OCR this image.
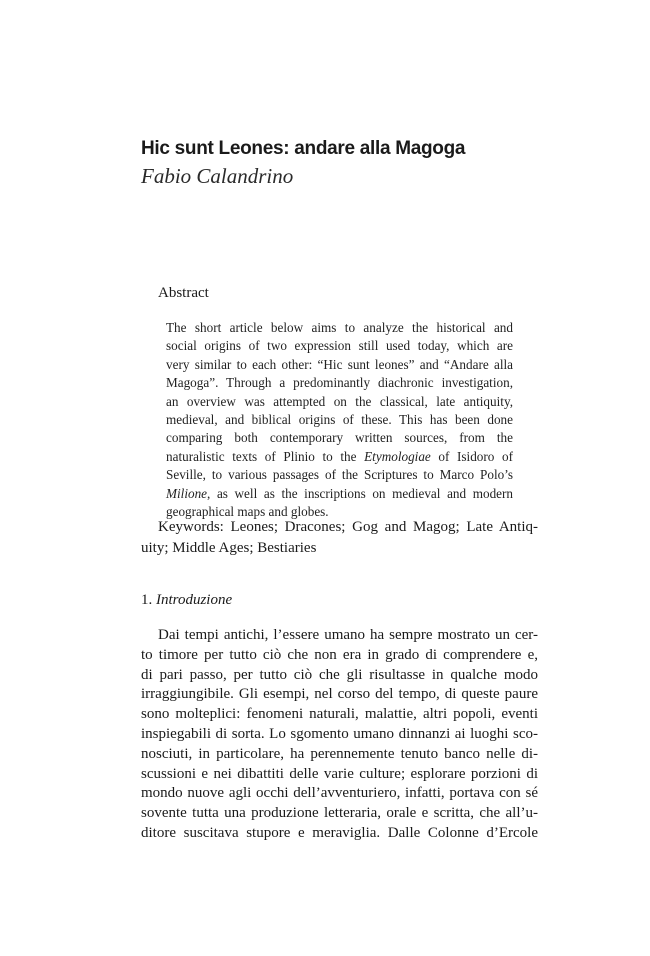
Hic sunt Leones: andare alla Magoga
Fabio Calandrino
Abstract
The short article below aims to analyze the historical and
social origins of two expression still used today, which are
very similar to each other: “Hic sunt leones” and “Andare alla
Magoga”. Through a predominantly diachronic investigation,
an overview was attempted on the classical, late antiquity,
medieval, and biblical origins of these. This has been done
comparing both contemporary written sources, from the
naturalistic texts of Plinio to the Etymologiae of Isidoro of
Seville, to various passages of the Scriptures to Marco Polo’s
Milione, as well as the inscriptions on medieval and modern
geographical maps and globes.
Keywords: Leones; Dracones; Gog and Magog; Late Antiq-
uity; Middle Ages; Bestiaries
1. Introduzione
Dai tempi antichi, l’essere umano ha sempre mostrato un cer-
to timore per tutto ciò che non era in grado di comprendere e,
di pari passo, per tutto ciò che gli risultasse in qualche modo
irraggiungibile. Gli esempi, nel corso del tempo, di queste paure
sono molteplici: fenomeni naturali, malattie, altri popoli, eventi
inspiegabili di sorta. Lo sgomento umano dinnanzi ai luoghi sco-
nosciuti, in particolare, ha perennemente tenuto banco nelle di-
scussioni e nei dibattiti delle varie culture; esplorare porzioni di
mondo nuove agli occhi dell’avventuriero, infatti, portava con sé
sovente tutta una produzione letteraria, orale e scritta, che all’u-
ditore suscitava stupore e meraviglia. Dalle Colonne d’Ercole
